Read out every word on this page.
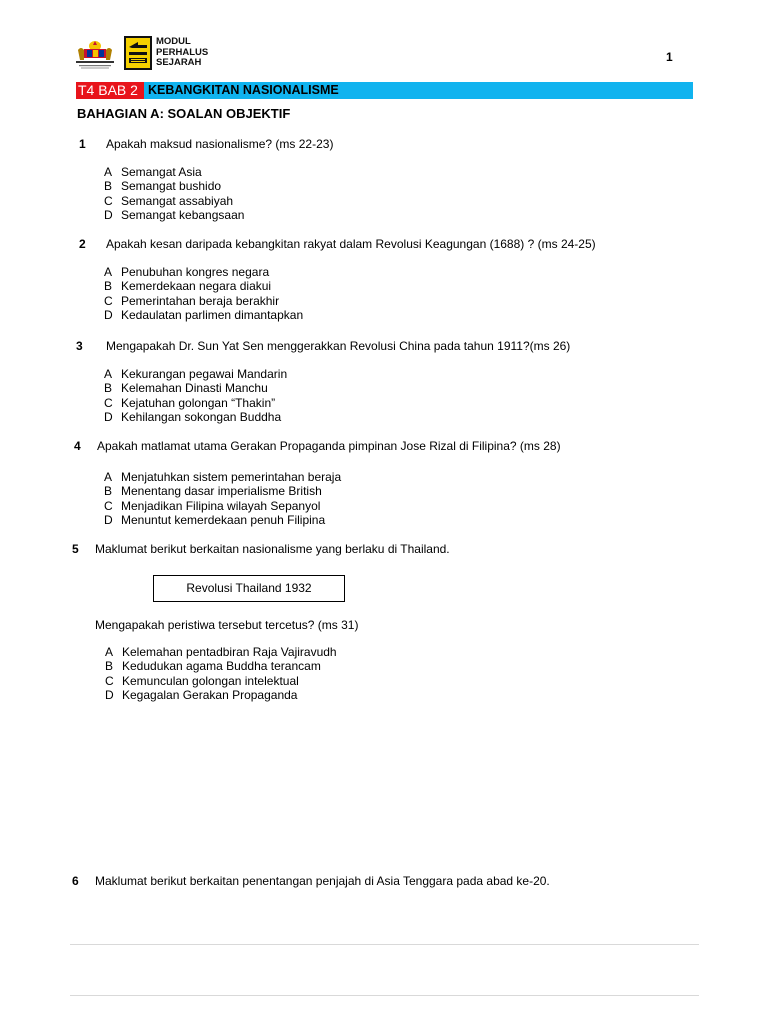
MODUL
PERHALUS
SEJARAH	1
T4 BAB 2 KEBANGKITAN NASIONALISME
BAHAGIAN A: SOALAN OBJEKTIF
1 Apakah maksud nasionalisme? (ms 22-23)
A Semangat Asia
B Semangat bushido
C Semangat assabiyah
D Semangat kebangsaan
2 Apakah kesan daripada kebangkitan rakyat dalam Revolusi Keagungan (1688) ? (ms 24-25)
A Penubuhan kongres negara
B Kemerdekaan negara diakui
C Pemerintahan beraja berakhir
D Kedaulatan parlimen dimantapkan
3 Mengapakah Dr. Sun Yat Sen menggerakkan Revolusi China pada tahun 1911?(ms 26)
A Kekurangan pegawai Mandarin
B Kelemahan Dinasti Manchu
C Kejatuhan golongan “Thakin”
D Kehilangan sokongan Buddha
4 Apakah matlamat utama Gerakan Propaganda pimpinan Jose Rizal di Filipina? (ms 28)
A Menjatuhkan sistem pemerintahan beraja
B Menentang dasar imperialisme British
C Menjadikan Filipina wilayah Sepanyol
D Menuntut kemerdekaan penuh Filipina
5 Maklumat berikut berkaitan nasionalisme yang berlaku di Thailand.
Revolusi Thailand 1932
Mengapakah peristiwa tersebut tercetus? (ms 31)
A Kelemahan pentadbiran Raja Vajiravudh
B Kedudukan agama Buddha terancam
C Kemunculan golongan intelektual
D Kegagalan Gerakan Propaganda
6 Maklumat berikut berkaitan penentangan penjajah di Asia Tenggara pada abad ke-20.
